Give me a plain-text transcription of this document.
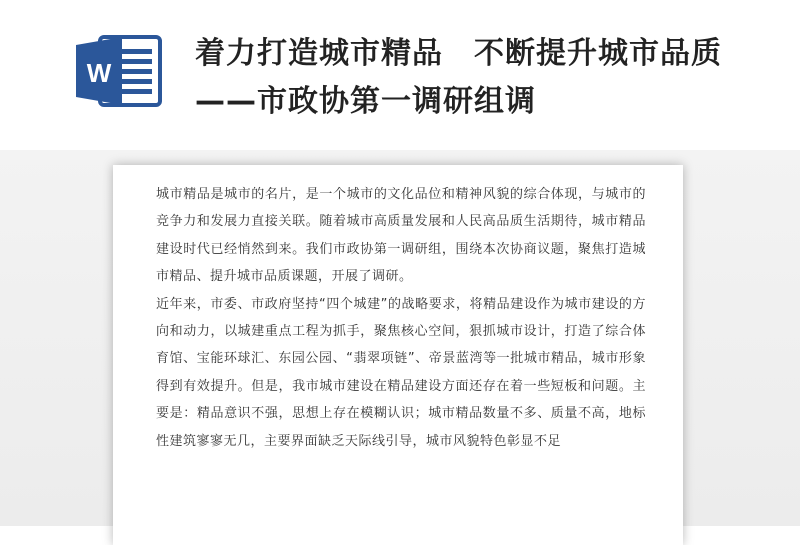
W
着力打造城市精品　不断提升城市品质——市政协第一调研组调

城市精品是城市的名片，是一个城市的文化品位和精神风貌的综合体现，与城市的竞争力和发展力直接关联。随着城市高质量发展和人民高品质生活期待，城市精品建设时代已经悄然到来。我们市政协第一调研组，围绕本次协商议题，聚焦打造城市精品、提升城市品质课题，开展了调研。

近年来，市委、市政府坚持“四个城建”的战略要求，将精品建设作为城市建设的方向和动力，以城建重点工程为抓手，聚焦核心空间，狠抓城市设计，打造了综合体育馆、宝能环球汇、东园公园、“翡翠项链”、帝景蓝湾等一批城市精品，城市形象得到有效提升。但是，我市城市建设在精品建设方面还存在着一些短板和问题。主要是：精品意识不强，思想上存在模糊认识；城市精品数量不多、质量不高，地标性建筑寥寥无几，主要界面缺乏天际线引导，城市风貌特色彰显不足
